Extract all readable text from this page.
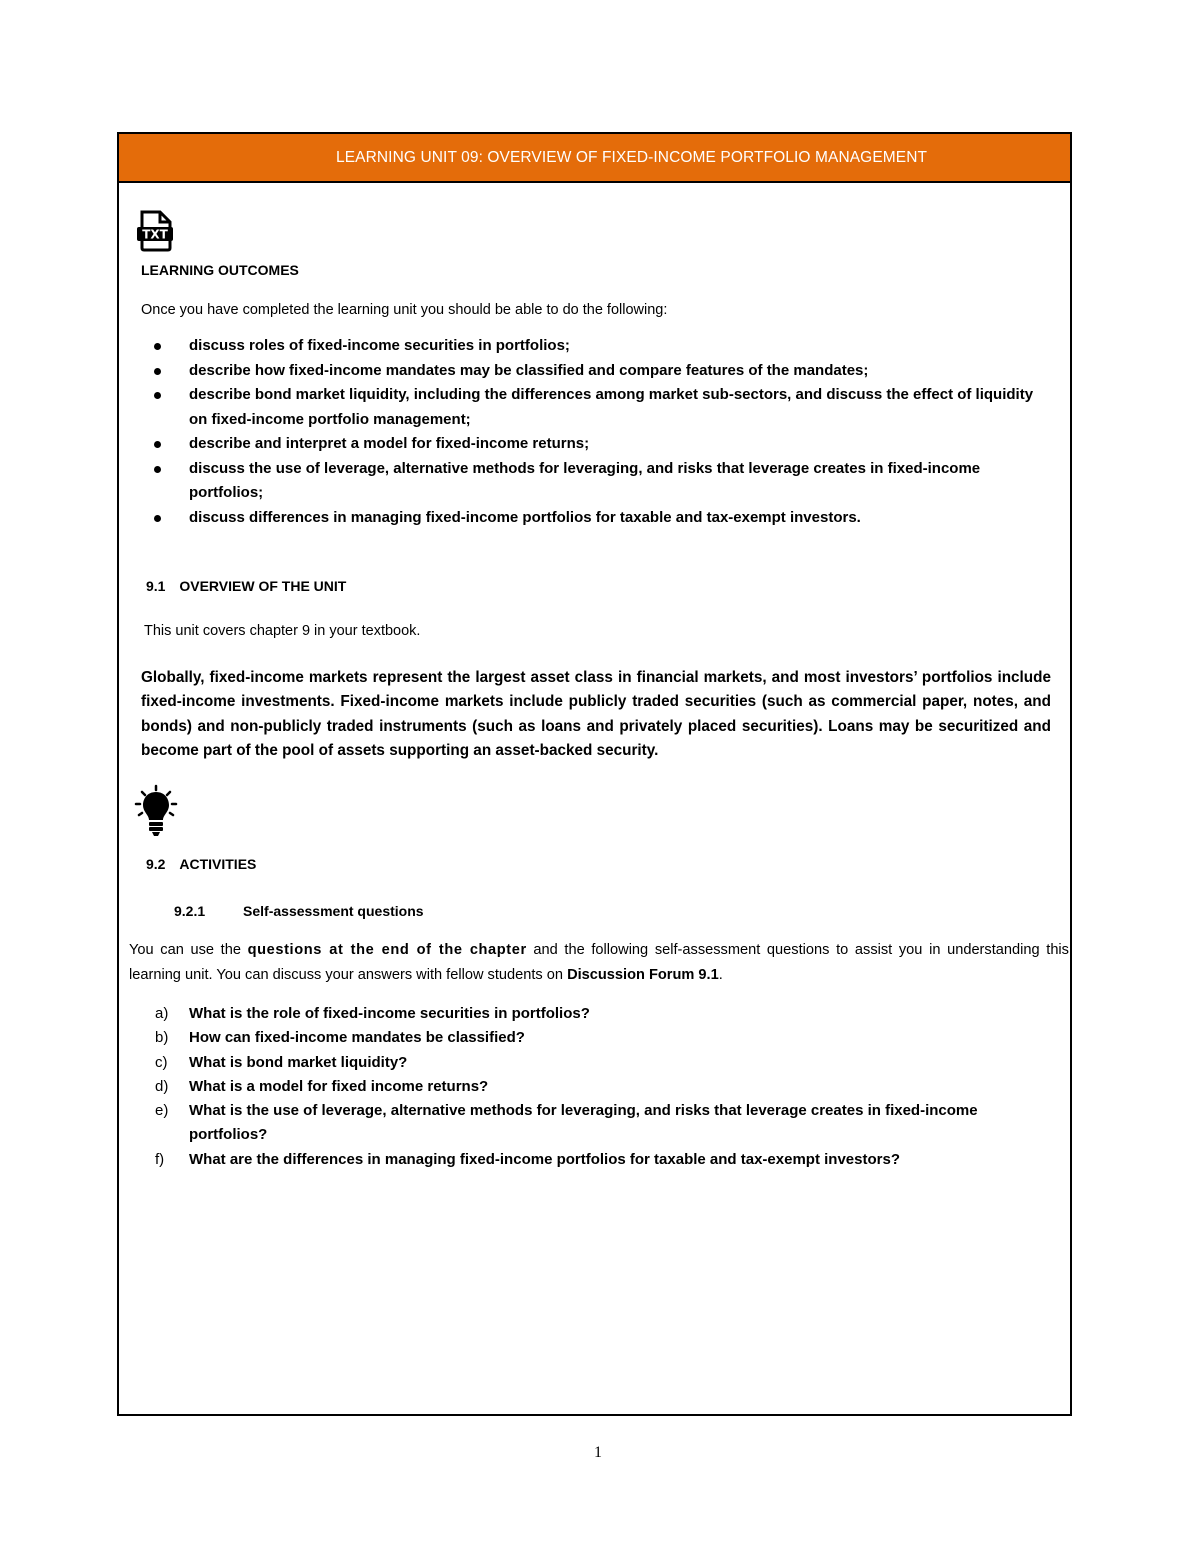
LEARNING UNIT 09: OVERVIEW OF FIXED-INCOME PORTFOLIO MANAGEMENT
TXT
LEARNING OUTCOMES
Once you have completed the learning unit you should be able to do the following:
discuss roles of fixed-income securities in portfolios;
describe how fixed-income mandates may be classified and compare features of the mandates;
describe bond market liquidity, including the differences among market sub-sectors, and discuss the effect of liquidity on fixed-income portfolio management;
describe and interpret a model for fixed-income returns;
discuss the use of leverage, alternative methods for leveraging, and risks that leverage creates in fixed-income portfolios;
discuss differences in managing fixed-income portfolios for taxable and tax-exempt investors.
9.1 OVERVIEW OF THE UNIT
This unit covers chapter 9 in your textbook.
Globally, fixed-income markets represent the largest asset class in financial markets, and most investors’ portfolios include fixed-income investments. Fixed-income markets include publicly traded securities (such as commercial paper, notes, and bonds) and non-publicly traded instruments (such as loans and privately placed securities). Loans may be securitized and become part of the pool of assets supporting an asset-backed security.
9.2 ACTIVITIES
9.2.1	Self-assessment questions
You can use the questions at the end of the chapter and the following self-assessment questions to assist you in understanding this learning unit. You can discuss your answers with fellow students on Discussion Forum 9.1.
a) What is the role of fixed-income securities in portfolios?
b) How can fixed-income mandates be classified?
c) What is bond market liquidity?
d) What is a model for fixed income returns?
e) What is the use of leverage, alternative methods for leveraging, and risks that leverage creates in fixed-income portfolios?
f) What are the differences in managing fixed-income portfolios for taxable and tax-exempt investors?
1
